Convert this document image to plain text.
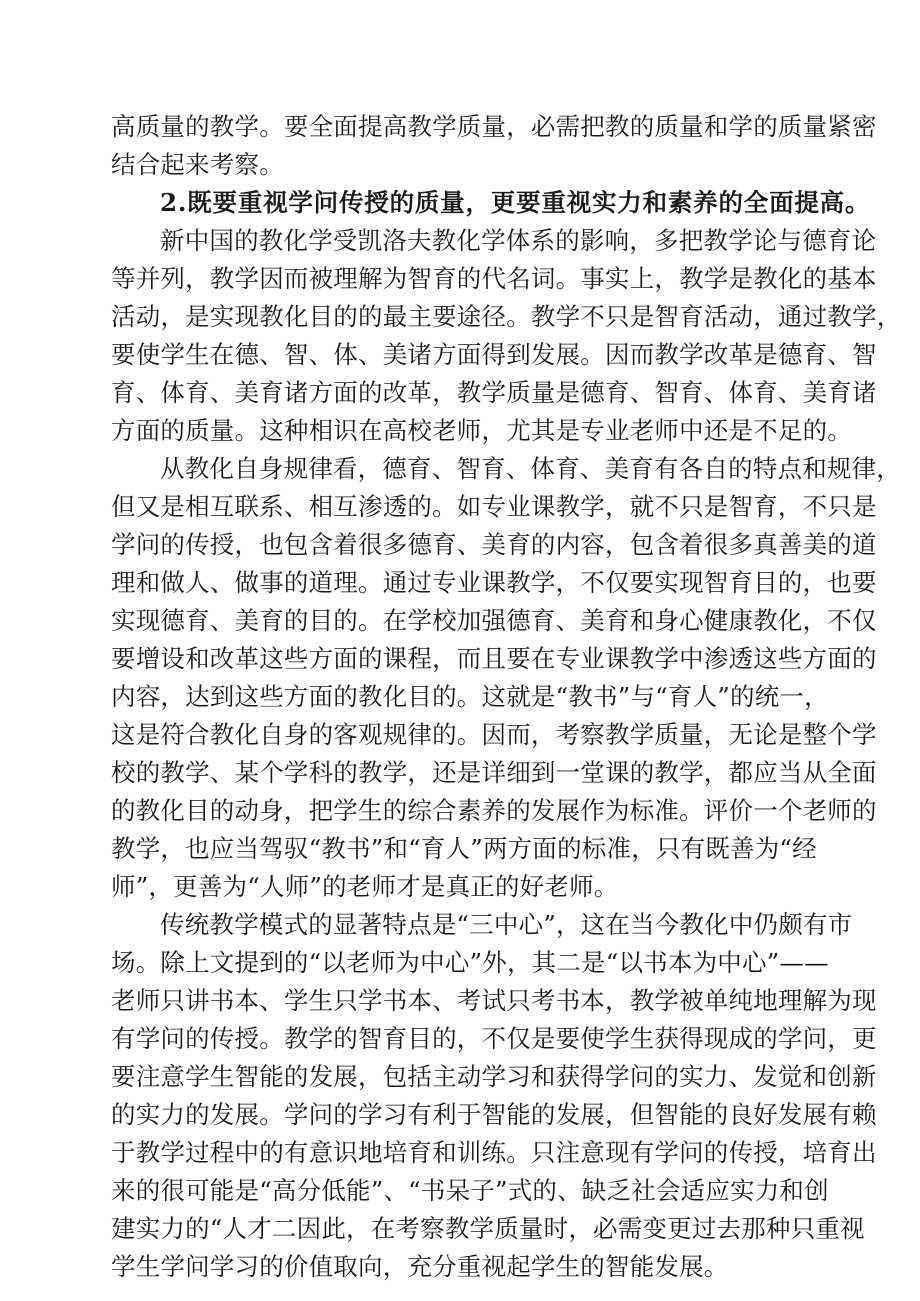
高质量的教学。要全面提高教学质量，必需把教的质量和学的质量紧密
结合起来考察。
2.既要重视学问传授的质量，更要重视实力和素养的全面提高。
新中国的教化学受凯洛夫教化学体系的影响，多把教学论与德育论
等并列，教学因而被理解为智育的代名词。事实上，教学是教化的基本
活动，是实现教化目的的最主要途径。教学不只是智育活动，通过教学，
要使学生在德、智、体、美诸方面得到发展。因而教学改革是德育、智
育、体育、美育诸方面的改革，教学质量是德育、智育、体育、美育诸
方面的质量。这种相识在高校老师，尤其是专业老师中还是不足的。
从教化自身规律看，德育、智育、体育、美育有各自的特点和规律，
但又是相互联系、相互渗透的。如专业课教学，就不只是智育，不只是
学问的传授，也包含着很多德育、美育的内容，包含着很多真善美的道
理和做人、做事的道理。通过专业课教学，不仅要实现智育目的，也要
实现德育、美育的目的。在学校加强德育、美育和身心健康教化，不仅
要增设和改革这些方面的课程，而且要在专业课教学中渗透这些方面的
内容，达到这些方面的教化目的。这就是“教书”与“育人”的统一，
这是符合教化自身的客观规律的。因而，考察教学质量，无论是整个学
校的教学、某个学科的教学，还是详细到一堂课的教学，都应当从全面
的教化目的动身，把学生的综合素养的发展作为标准。评价一个老师的
教学，也应当驾驭“教书”和“育人”两方面的标准，只有既善为“经
师”，更善为“人师”的老师才是真正的好老师。
传统教学模式的显著特点是“三中心”，这在当今教化中仍颇有市
场。除上文提到的“以老师为中心”外，其二是“以书本为中心”——
老师只讲书本、学生只学书本、考试只考书本，教学被单纯地理解为现
有学问的传授。教学的智育目的，不仅是要使学生获得现成的学问，更
要注意学生智能的发展，包括主动学习和获得学问的实力、发觉和创新
的实力的发展。学问的学习有利于智能的发展，但智能的良好发展有赖
于教学过程中的有意识地培育和训练。只注意现有学问的传授，培育出
来的很可能是“高分低能”、“书呆子”式的、缺乏社会适应实力和创
建实力的“人才二因此，在考察教学质量时，必需变更过去那种只重视
学生学问学习的价值取向，充分重视起学生的智能发展。
